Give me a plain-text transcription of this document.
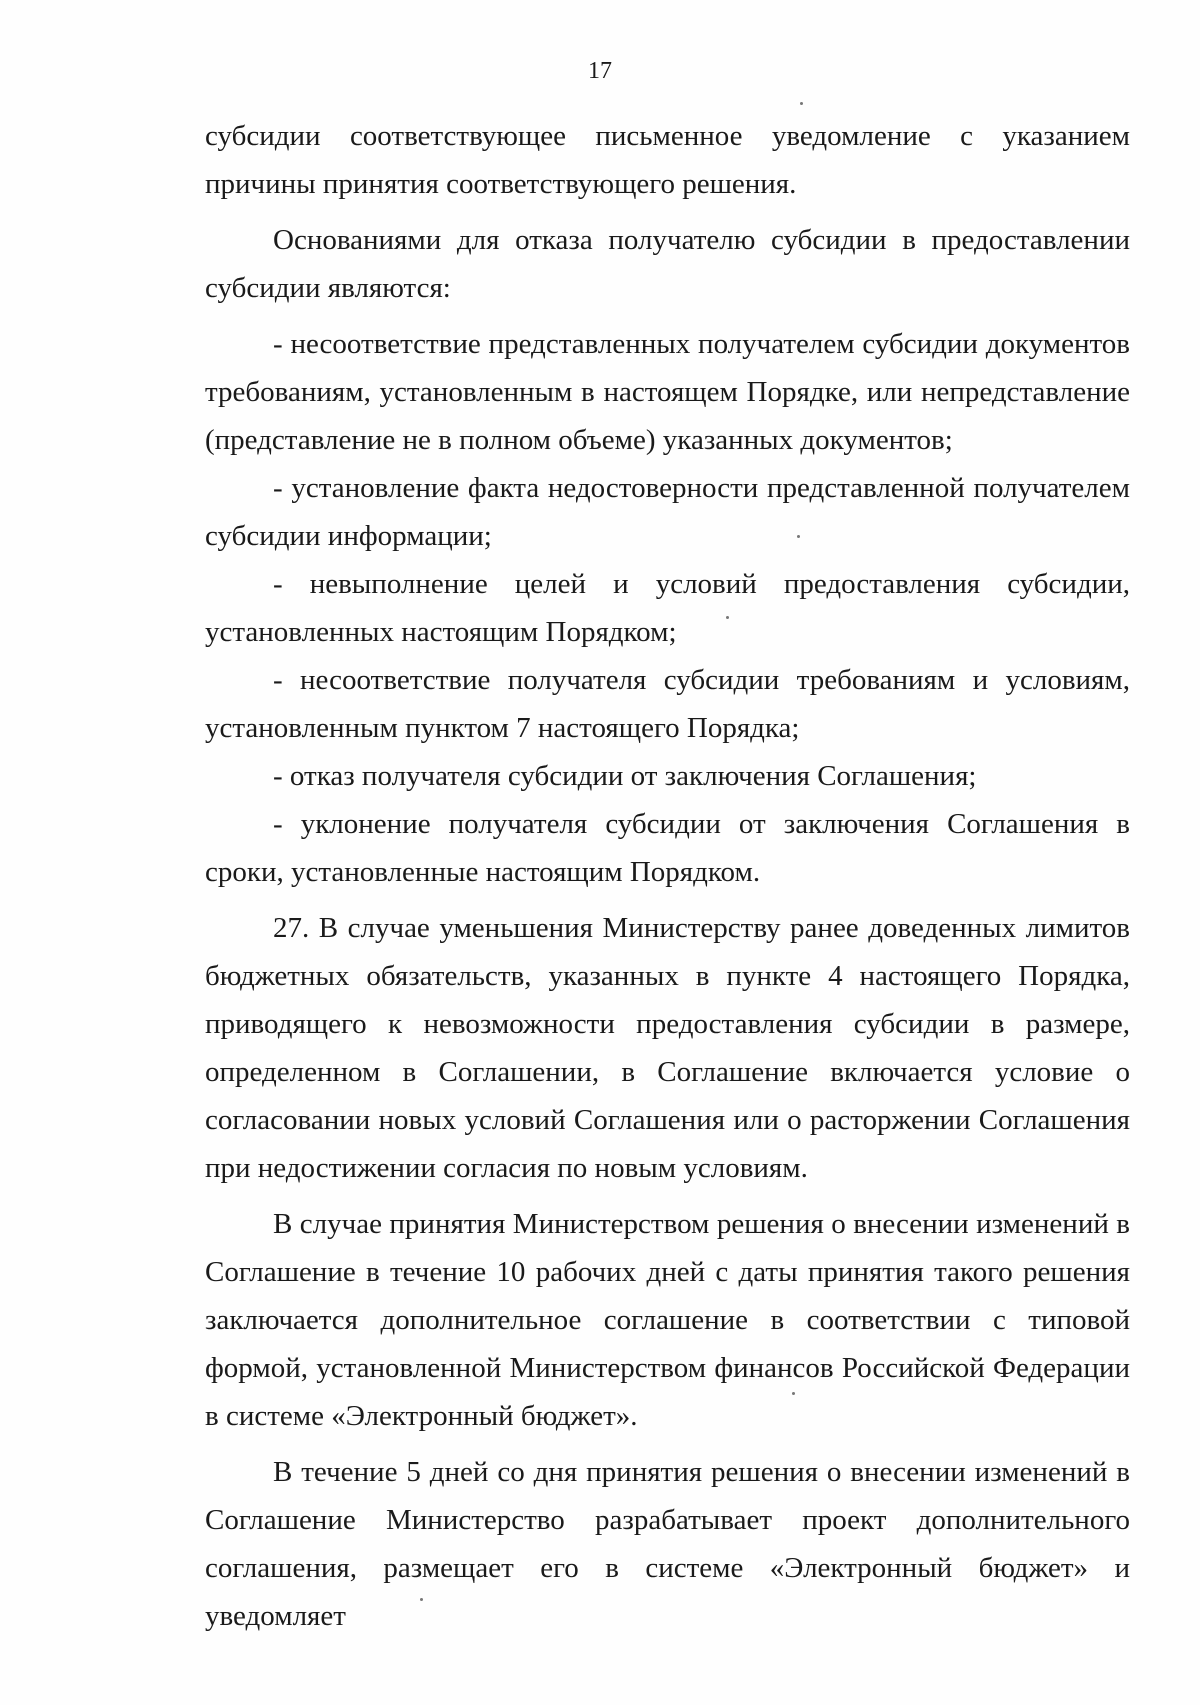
17

субсидии соответствующее письменное уведомление с указанием причины принятия соответствующего решения.

Основаниями для отказа получателю субсидии в предоставлении субсидии являются:

- несоответствие представленных получателем субсидии документов требованиям, установленным в настоящем Порядке, или непредставление (представление не в полном объеме) указанных документов;

- установление факта недостоверности представленной получателем субсидии информации;

- невыполнение целей и условий предоставления субсидии, установленных настоящим Порядком;

- несоответствие получателя субсидии требованиям и условиям, установленным пунктом 7 настоящего Порядка;

- отказ получателя субсидии от заключения Соглашения;

- уклонение получателя субсидии от заключения Соглашения в сроки, установленные настоящим Порядком.

27. В случае уменьшения Министерству ранее доведенных лимитов бюджетных обязательств, указанных в пункте 4 настоящего Порядка, приводящего к невозможности предоставления субсидии в размере, определенном в Соглашении, в Соглашение включается условие о согласовании новых условий Соглашения или о расторжении Соглашения при недостижении согласия по новым условиям.

В случае принятия Министерством решения о внесении изменений в Соглашение в течение 10 рабочих дней с даты принятия такого решения заключается дополнительное соглашение в соответствии с типовой формой, установленной Министерством финансов Российской Федерации в системе «Электронный бюджет».

В течение 5 дней со дня принятия решения о внесении изменений в Соглашение Министерство разрабатывает проект дополнительного соглашения, размещает его в системе «Электронный бюджет» и уведомляет
